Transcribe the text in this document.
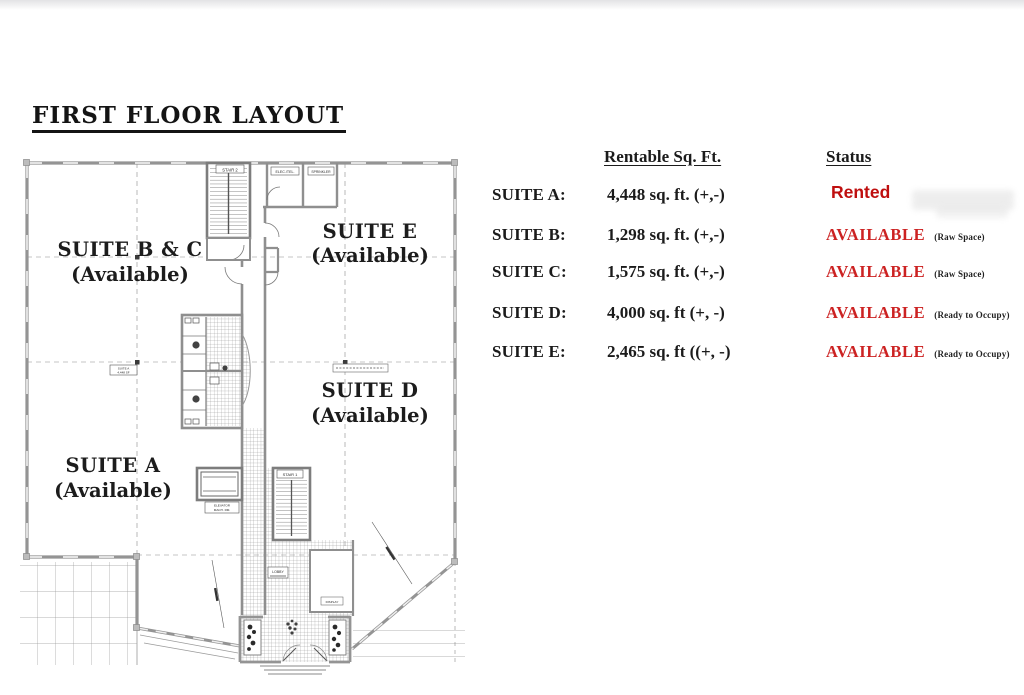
FIRST FLOOR LAYOUT
STAIR 2	ELEC./TEL.	SPRINKLER
SUITE A
4,448 SF
LOBBY
ELEVATOR
MACH. RM.
STAIR 1
DISPLAY
SUITE B & C
(Available)
SUITE E
(Available)
SUITE D
(Available)
SUITE A
(Available)
Rentable Sq. Ft.	Status
SUITE A: 4,448 sq. ft. (+,-)	Rented
SUITE B: 1,298 sq. ft. (+,-)	AVAILABLE (Raw Space)
SUITE C: 1,575 sq. ft. (+,-)	AVAILABLE (Raw Space)
SUITE D: 4,000 sq. ft (+, -)	AVAILABLE (Ready to Occupy)
SUITE E: 2,465 sq. ft ((+, -)	AVAILABLE (Ready to Occupy)
